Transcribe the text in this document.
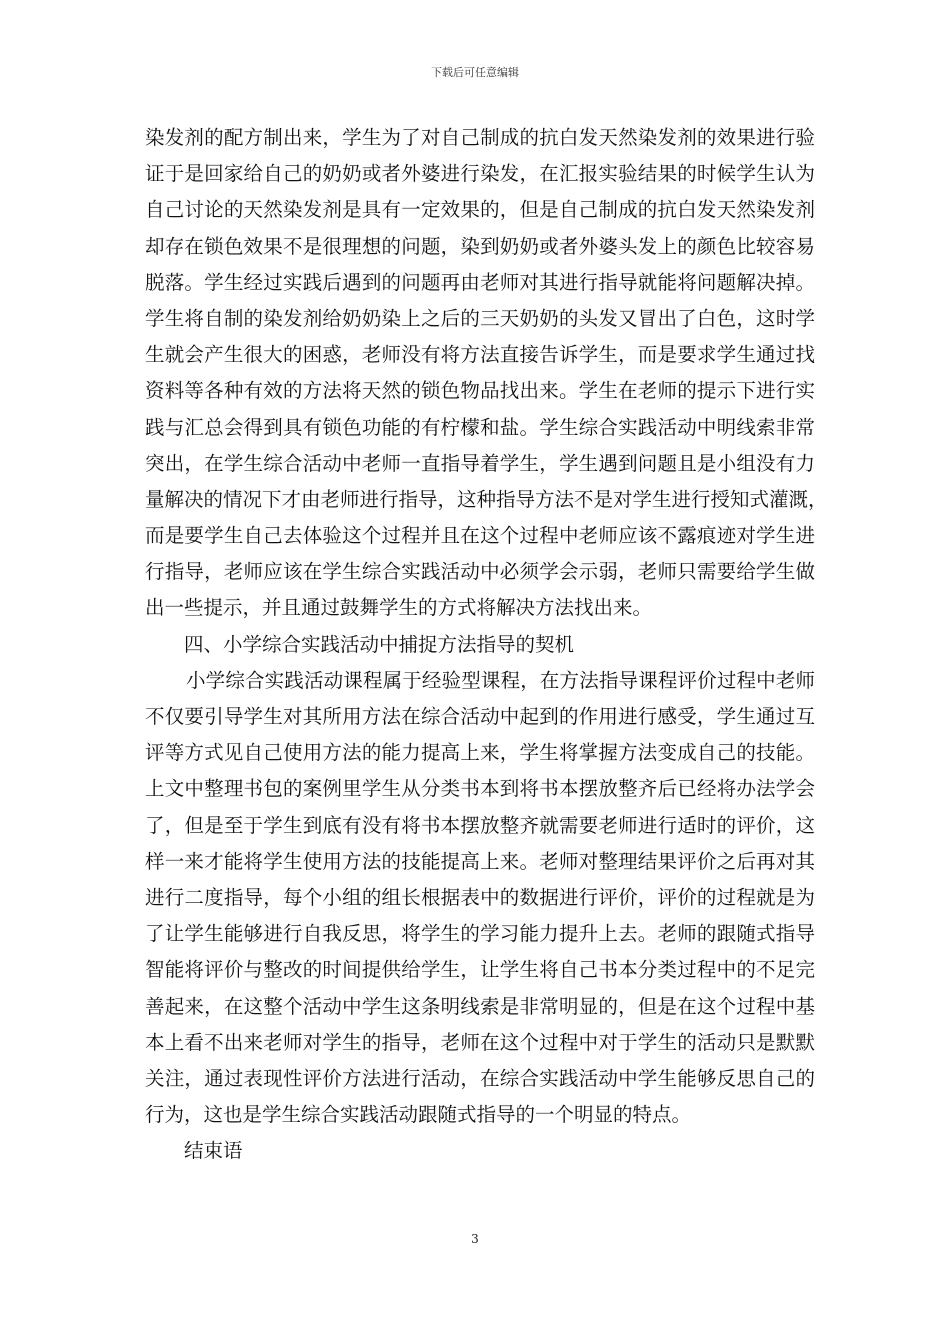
下载后可任意编辑
染发剂的配方制出来，学生为了对自己制成的抗白发天然染发剂的效果进行验
证于是回家给自己的奶奶或者外婆进行染发，在汇报实验结果的时候学生认为
自己讨论的天然染发剂是具有一定效果的，但是自己制成的抗白发天然染发剂
却存在锁色效果不是很理想的问题，染到奶奶或者外婆头发上的颜色比较容易
脱落。学生经过实践后遇到的问题再由老师对其进行指导就能将问题解决掉。
学生将自制的染发剂给奶奶染上之后的三天奶奶的头发又冒出了白色，这时学
生就会产生很大的困惑，老师没有将方法直接告诉学生，而是要求学生通过找
资料等各种有效的方法将天然的锁色物品找出来。学生在老师的提示下进行实
践与汇总会得到具有锁色功能的有柠檬和盐。学生综合实践活动中明线索非常
突出，在学生综合活动中老师一直指导着学生，学生遇到问题且是小组没有力
量解决的情况下才由老师进行指导，这种指导方法不是对学生进行授知式灌溉，
而是要学生自己去体验这个过程并且在这个过程中老师应该不露痕迹对学生进
行指导，老师应该在学生综合实践活动中必须学会示弱，老师只需要给学生做
出一些提示，并且通过鼓舞学生的方式将解决方法找出来。
四、小学综合实践活动中捕捉方法指导的契机
小学综合实践活动课程属于经验型课程，在方法指导课程评价过程中老师
不仅要引导学生对其所用方法在综合活动中起到的作用进行感受，学生通过互
评等方式见自己使用方法的能力提高上来，学生将掌握方法变成自己的技能。
上文中整理书包的案例里学生从分类书本到将书本摆放整齐后已经将办法学会
了，但是至于学生到底有没有将书本摆放整齐就需要老师进行适时的评价，这
样一来才能将学生使用方法的技能提高上来。老师对整理结果评价之后再对其
进行二度指导，每个小组的组长根据表中的数据进行评价，评价的过程就是为
了让学生能够进行自我反思，将学生的学习能力提升上去。老师的跟随式指导
智能将评价与整改的时间提供给学生，让学生将自己书本分类过程中的不足完
善起来，在这整个活动中学生这条明线索是非常明显的，但是在这个过程中基
本上看不出来老师对学生的指导，老师在这个过程中对于学生的活动只是默默
关注，通过表现性评价方法进行活动，在综合实践活动中学生能够反思自己的
行为，这也是学生综合实践活动跟随式指导的一个明显的特点。
结束语
3
